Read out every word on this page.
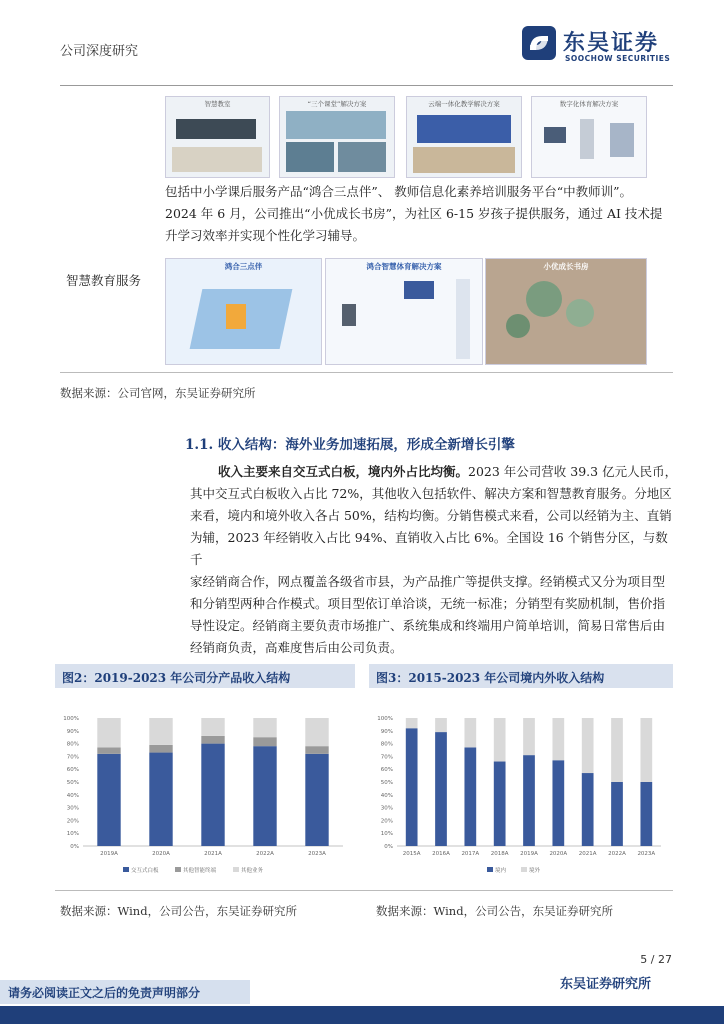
公司深度研究	东吴证券
SOOCHOW SECURITIES
智慧教室	“三个课堂”解决方案	云端一体化教学解决方案	数字化体育解决方案
包括中小学课后服务产品“鸿合三点伴”、 教师信息化素养培训服务平台“中教师训”。
2024 年 6 月，公司推出“小优成长书房”，为社区 6-15 岁孩子提供服务，通过 AI 技术提
升学习效率并实现个性化学习辅导。
智慧教育服务
鸿合三点伴	鸿合智慧体育解决方案	小优成长书房
数据来源：公司官网，东吴证券研究所
1.1. 收入结构：海外业务加速拓展，形成全新增长引擎
收入主要来自交互式白板，境内外占比均衡。2023 年公司营收 39.3 亿元人民币，
其中交互式白板收入占比 72%，其他收入包括软件、解决方案和智慧教育服务。分地区
来看，境内和境外收入各占 50%，结构均衡。分销售模式来看，公司以经销为主、直销
为辅，2023 年经销收入占比 94%、直销收入占比 6%。全国设 16 个销售分区，与数千
家经销商合作，网点覆盖各级省市县，为产品推广等提供支撑。经销模式又分为项目型
和分销型两种合作模式。项目型依订单洽谈，无统一标准；分销型有奖励机制，售价指
导性设定。经销商主要负责市场推广、系统集成和终端用户简单培训，简易日常售后由
经销商负责，高难度售后由公司负责。
图2：2019-2023 年公司分产品收入结构	图3：2015-2023 年公司境内外收入结构
0%
10%
20%
30%
40%
50%
60%
70%
80%
90%
100%
2019A	2020A	2021A	2022A	2023A
交互式白板	其他智能终端	其他业务
0%
10%
20%
30%
40%
50%
60%
70%
80%
90%
100%
2015A 2016A 2017A 2018A 2019A 2020A 2021A 2022A 2023A
境内	境外
数据来源：Wind，公司公告，东吴证券研究所	数据来源：Wind，公司公告，东吴证券研究所
5 / 27
东吴证券研究所
请务必阅读正文之后的免责声明部分
